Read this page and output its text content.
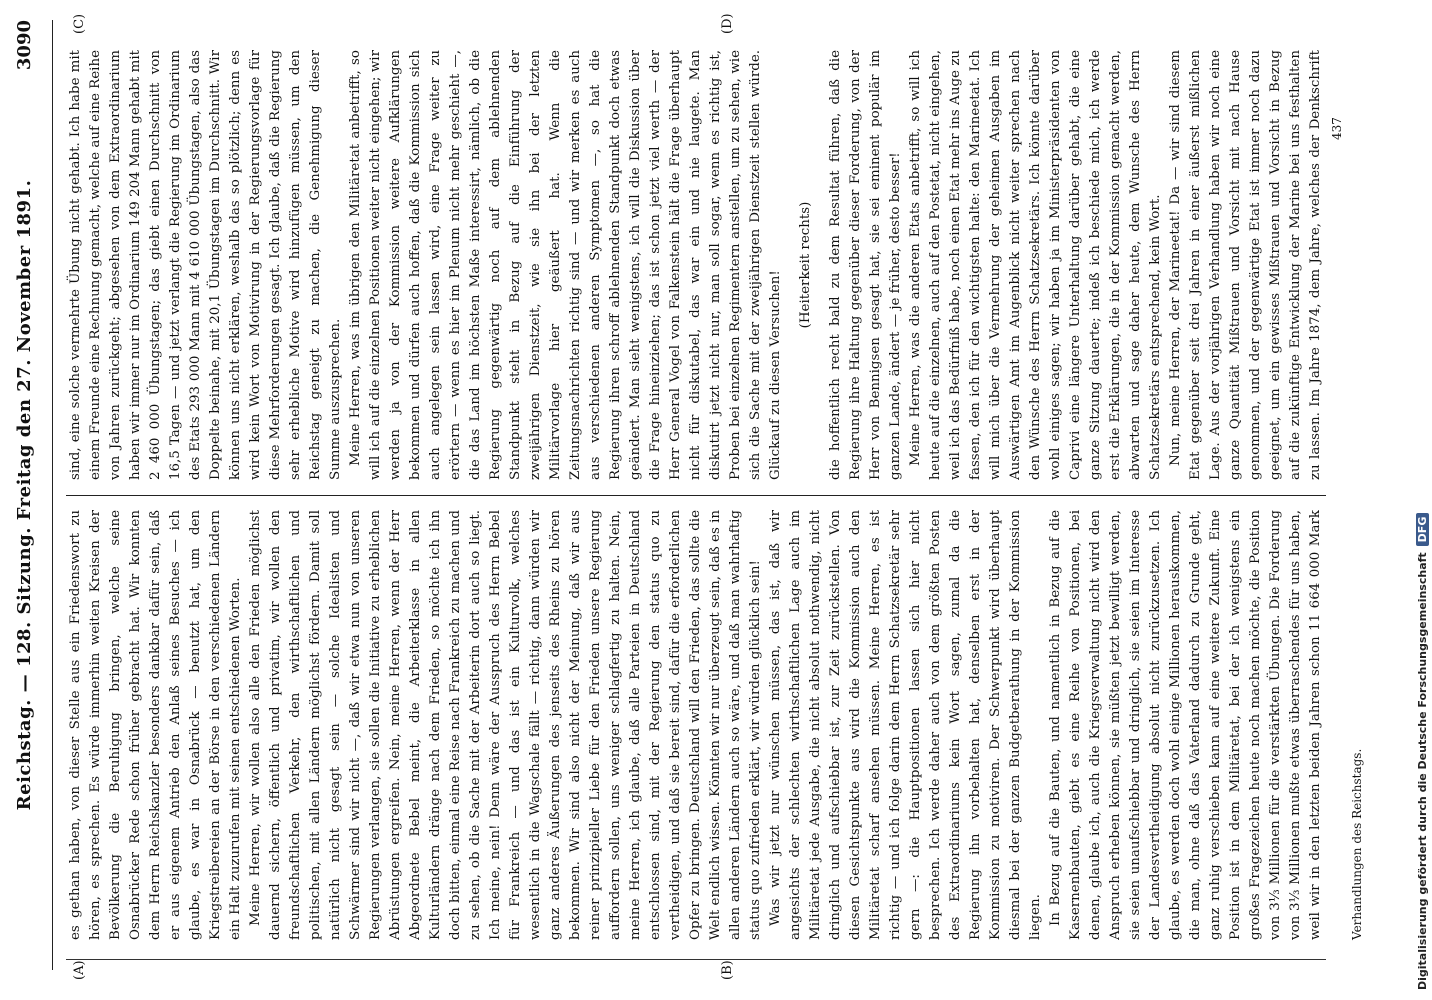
Reichstag. — 128. Sitzung. Freitag den 27. November 1891.
3090
(A)	(B)
(C)	(D)

es gethan haben, von dieser Stelle aus ein Friedenswort zu hören, es sprechen. Es würde immerhin weiten Kreisen der Bevölkerung die Beruhigung bringen, welche seine Osnabrücker Rede schon früher gebracht hat. Wir konnten dem Herrn Reichskanzler besonders dankbar dafür sein, daß er aus eigenem Antrieb den Anlaß seines Besuches — ich glaube, es war in Osnabrück — benutzt hat, um den Kriegstreibereien an der Börse in den verschiedenen Ländern ein Halt zuzurufen mit seinen entschiedenen Worten. Meine Herren, wir wollen also alle den Frieden möglichst dauernd sichern, öffentlich und privatim, wir wollen den freundschaftlichen Verkehr, den wirthschaftlichen und politischen, mit allen Ländern möglichst fördern. Damit soll natürlich nicht gesagt sein — solche Idealisten und Schwärmer sind wir nicht —, daß wir etwa nun von unseren Regierungen verlangen, sie sollen die Initiative zu erheblichen Abrüstungen ergreifen. Nein, meine Herren, wenn der Herr Abgeordnete Bebel meint, die Arbeiterklasse in allen Kulturländern dränge nach dem Frieden, so möchte ich ihn doch bitten, einmal eine Reise nach Frankreich zu machen und zu sehen, ob die Sache mit der Arbeiterin dort auch so liegt. Ich meine, nein! Denn wäre der Ausspruch des Herrn Bebel für Frankreich — und das ist ein Kulturvolk, welches wesentlich in die Wagschale fällt — richtig, dann würden wir ganz anderes Äußerungen des jenseits des Rheins zu hören bekommen. Wir sind also nicht der Meinung, daß wir aus reiner prinzipieller Liebe für den Frieden unsere Regierung auffordern sollen, uns weniger schlagfertig zu halten. Nein, meine Herren, ich glaube, daß alle Parteien in Deutschland entschlossen sind, mit der Regierung den status quo zu vertheidigen, und daß sie bereit sind, dafür die erforderlichen Opfer zu bringen. Deutschland will den Frieden, das sollte die Welt endlich wissen. Könnten wir nur überzeugt sein, daß es in allen anderen Ländern auch so wäre, und daß man wahrhaftig status quo zufrieden erklärt, wir würden glücklich sein! Was wir jetzt nur wünschen müssen, das ist, daß wir angesichts der schlechten wirthschaftlichen Lage auch im Militäretat jede Ausgabe, die nicht absolut nothwendig, nicht dringlich und aufschiebbar ist, zur Zeit zurückstellen. Von diesen Gesichtspunkte aus wird die Kommission auch den Militäretat scharf ansehen müssen. Meine Herren, es ist richtig — und ich folge darin dem Herrn Schatzsekretär sehr gern —: die Hauptpositionen lassen sich hier nicht besprechen. Ich werde daher auch von dem größten Posten des Extraordinariums kein Wort sagen, zumal da die Regierung ihn vorbehalten hat, denselben erst in der Kommission zu motiviren. Der Schwerpunkt wird überhaupt diesmal bei der ganzen Budgetberathung in der Kommission liegen. In Bezug auf die Bauten, und namentlich in Bezug auf die Kasernenbauten, giebt es eine Reihe von Positionen, bei denen, glaube ich, auch die Kriegsverwaltung nicht wird den Anspruch erheben können, sie müßten jetzt bewilligt werden, sie seien unaufschiebbar und dringlich, sie seien im Interesse der Landesvertheidigung absolut nicht zurückzusetzen. Ich glaube, es werden doch wohl einige Millionen herauskommen, die man, ohne daß das Vaterland dadurch zu Grunde geht, ganz ruhig verschieben kann auf eine weitere Zukunft. Eine Position ist in dem Militäretat, bei der ich wenigstens ein großes Fragezeichen heute noch machen möchte, die Position von 3⅓ Millionen für die verstärkten Übungen. Die Forderung von 3⅓ Millionen mußte etwas überraschendes für uns haben, weil wir in den letzten beiden Jahren schon 11 664 000 Mark

sind, eine solche vermehrte Übung nicht gehabt. Ich habe mit einem Freunde eine Rechnung gemacht, welche auf eine Reihe von Jahren zurückgeht; abgesehen von dem Extraordinarium haben wir immer nur im Ordinarium 149 204 Mann gehabt mit 2 460 000 Übungstagen; das giebt einen Durchschnitt von 16,5 Tagen — und jetzt verlangt die Regierung im Ordinarium des Etats 293 000 Mann mit 4 610 000 Übungstagen, also das Doppelte beinahe, mit 20,1 Übungstagen im Durchschnitt. Wir können uns nicht erklären, weshalb das so plötzlich; denn es wird kein Wort von Motivirung in der Regierungsvorlage für diese Mehrforderungen gesagt. Ich glaube, daß die Regierung sehr erhebliche Motive wird hinzufügen müssen, um den Reichstag geneigt zu machen, die Genehmigung dieser Summe auszusprechen. Meine Herren, was im übrigen den Militäretat anbetrifft, so will ich auf die einzelnen Positionen weiter nicht eingehen; wir werden ja von der Kommission weitere Aufklärungen bekommen und dürfen auch hoffen, daß die Kommission sich auch angelegen sein lassen wird, eine Frage weiter zu erörtern — wenn es hier im Plenum nicht mehr geschieht —, die das Land im höchsten Maße interessirt, nämlich, ob die Regierung gegenwärtig noch auf dem ablehnenden Standpunkt steht in Bezug auf die Einführung der zweijährigen Dienstzeit, wie sie ihn bei der letzten Militärvorlage hier geäußert hat. Wenn die Zeitungsnachrichten richtig sind — und wir merken es auch aus verschiedenen anderen Symptomen —, so hat die Regierung ihren schroff ablehnenden Standpunkt doch etwas geändert. Man sieht wenigstens, ich will die Diskussion über die Frage hineinziehen; das ist schon jetzt viel werth — der Herr General Vogel von Falkenstein hält die Frage überhaupt nicht für diskutabel, das war ein und nie laugete. Man diskutirt jetzt nicht nur, man soll sogar, wenn es richtig ist, Proben bei einzelnen Regimentern anstellen, um zu sehen, wie sich die Sache mit der zweijährigen Dienstzeit stellen würde. Glückauf zu diesen Versuchen!

(Heiterkeit rechts) die hoffentlich recht bald zu dem Resultat führen, daß die Regierung ihre Haltung gegenüber dieser Forderung, von der Herr von Bennigsen gesagt hat, sie sei eminent populär im ganzen Lande, ändert — je früher, desto besser! Meine Herren, was die anderen Etats anbetrifft, so will ich heute auf die einzelnen, auch auf den Postetat, nicht eingehen, weil ich das Bedürfniß habe, noch einen Etat mehr ins Auge zu fassen, den ich für den wichtigsten halte: den Marineetat. Ich will mich über die Vermehrung der geheimen Ausgaben im Auswärtigen Amt im Augenblick nicht weiter sprechen nach den Wünsche des Herrn Schatzsekretärs. Ich könnte darüber wohl einiges sagen; wir haben ja im Ministerpräsidenten von Caprivi eine längere Unterhaltung darüber gehabt, die eine ganze Sitzung dauerte; indeß ich beschiede mich, ich werde erst die Erklärungen, die in der Kommission gemacht werden, abwarten und sage daher heute, dem Wunsche des Herrn Schatzsekretärs entsprechend, kein Wort. Nun, meine Herren, der Marineetat! Da — wir sind diesem Etat gegenüber seit drei Jahren in einer äußerst mißlichen Lage. Aus der vorjährigen Verhandlung haben wir noch eine ganze Quantität Mißtrauen und Vorsicht mit nach Hause genommen, und der gegenwärtige Etat ist immer noch dazu geeignet, um ein gewisses Mißtrauen und Vorsicht in Bezug auf die zukünftige Entwicklung der Marine bei uns festhalten zu lassen. Im Jahre 1874, dem Jahre, welches der Denkschrift 437
Verhandlungen des Reichstags.	Digitalisierung gefördert durch die Deutsche ForschungsgemeinschaftDFG
